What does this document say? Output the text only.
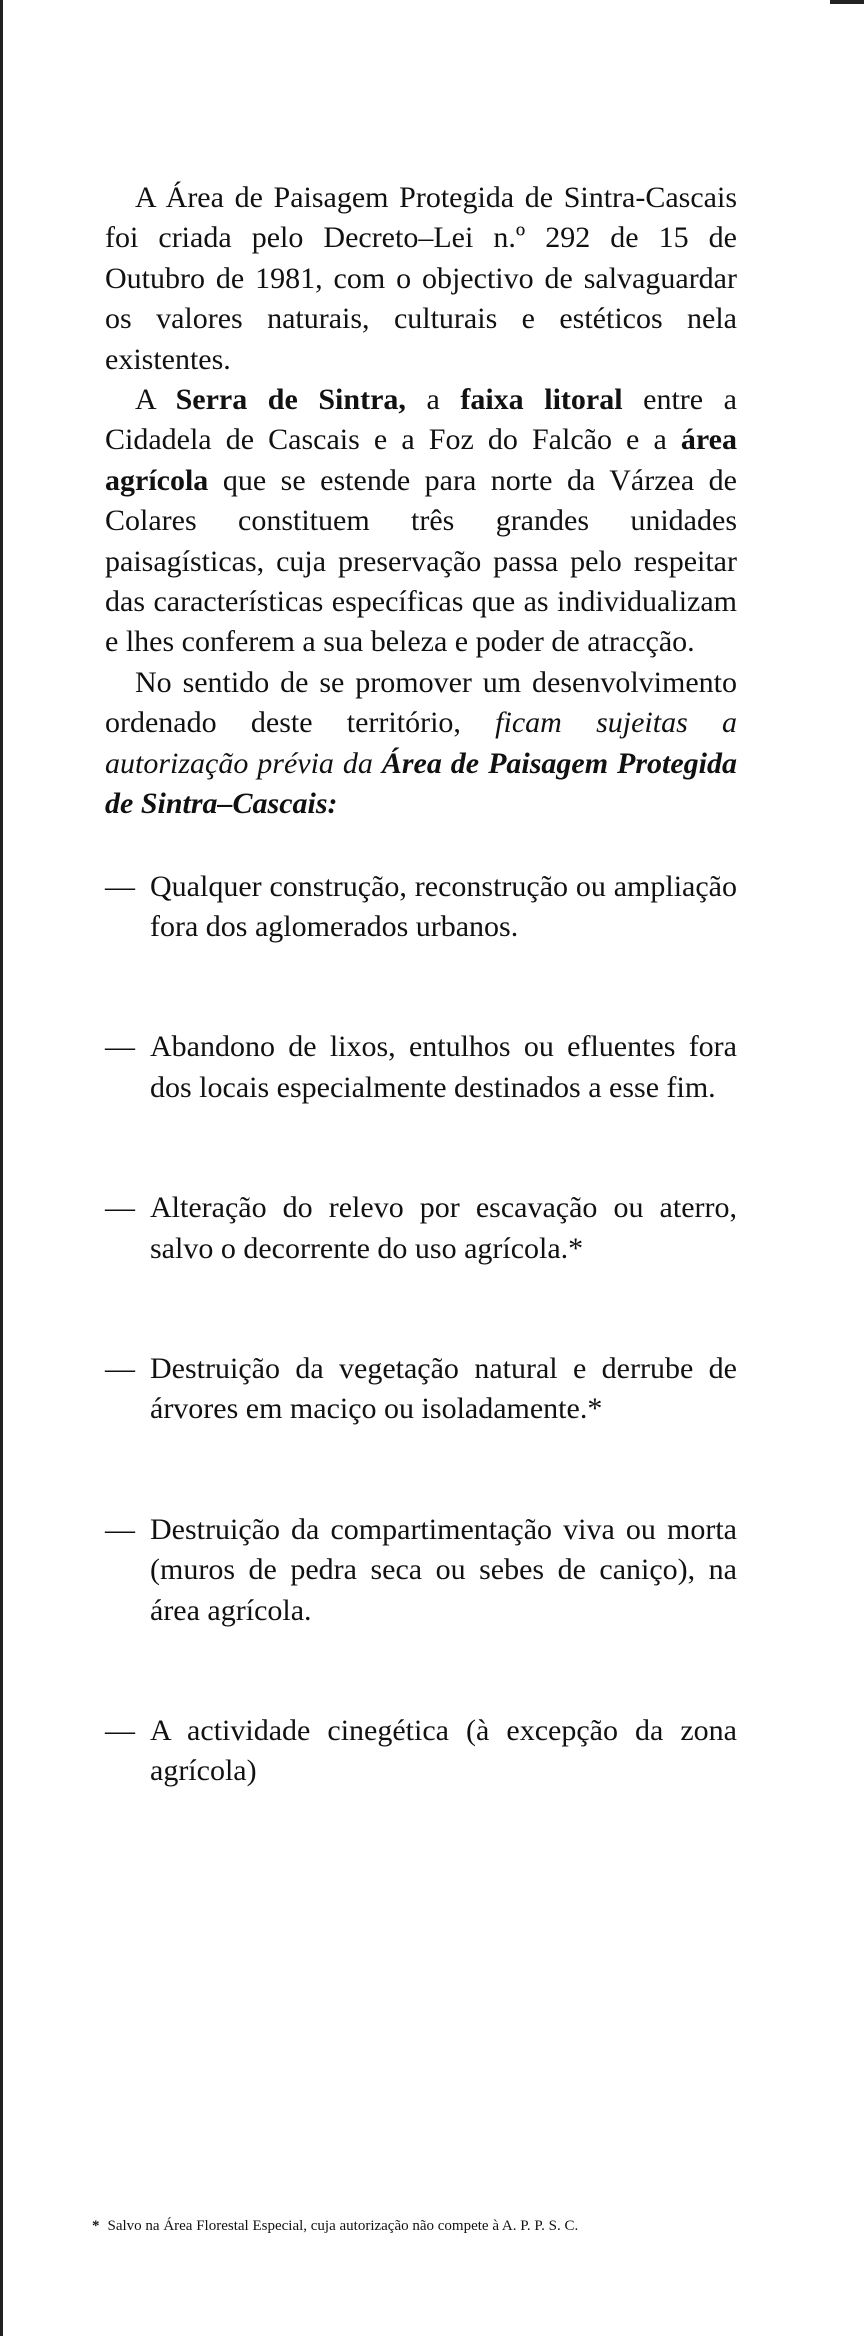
A Área de Paisagem Protegida de Sintra-Cascais foi criada pelo Decreto–Lei n.º 292 de 15 de Outubro de 1981, com o objectivo de salvaguardar os valores naturais, culturais e estéticos nela existentes.

A Serra de Sintra, a faixa litoral entre a Cidadela de Cascais e a Foz do Falcão e a área agrícola que se estende para norte da Várzea de Colares constituem três grandes unidades paisagísticas, cuja preservação passa pelo respeitar das características específicas que as individualizam e lhes conferem a sua beleza e poder de atracção.

No sentido de se promover um desenvolvimento ordenado deste território, ficam sujeitas a autorização prévia da Área de Paisagem Protegida de Sintra–Cascais:

— Qualquer construção, reconstrução ou ampliação fora dos aglomerados urbanos.
— Abandono de lixos, entulhos ou efluentes fora dos locais especialmente destinados a esse fim.
— Alteração do relevo por escavação ou aterro, salvo o decorrente do uso agrícola.*
— Destruição da vegetação natural e derrube de árvores em maciço ou isoladamente.*
— Destruição da compartimentação viva ou morta (muros de pedra seca ou sebes de caniço), na área agrícola.
— A actividade cinegética (à excepção da zona agrícola)
* Salvo na Área Florestal Especial, cuja autorização não compete à A. P. P. S. C.
